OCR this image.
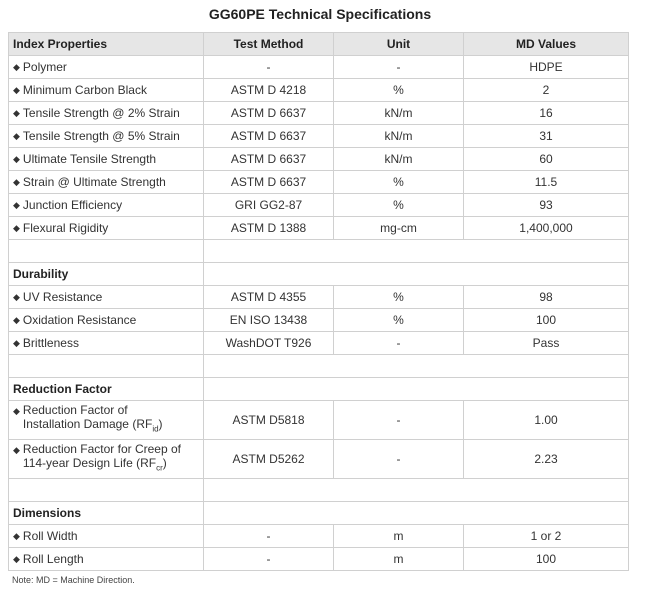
GG60PE Technical Specifications
Index Properties	Test Method	Unit	MD Values
◆ Polymer	-	-	HDPE
◆ Minimum Carbon Black	ASTM D 4218	%	2
◆ Tensile Strength @ 2% Strain	ASTM D 6637	kN/m	16
◆ Tensile Strength @ 5% Strain	ASTM D 6637	kN/m	31
◆ Ultimate Tensile Strength	ASTM D 6637	kN/m	60
◆ Strain @ Ultimate Strength	ASTM D 6637	%	11.5
◆ Junction Efficiency	GRI GG2-87	%	93
◆ Flexural Rigidity	ASTM D 1388	mg-cm	1,400,000

Durability			
◆ UV Resistance	ASTM D 4355	%	98
◆ Oxidation Resistance	EN ISO 13438	%	100
◆ Brittleness	WashDOT T926	-	Pass

Reduction Factor			

◆ Reduction Factor of
Installation Damage $(RF_{id})$	ASTM D5818	-	1.00

◆ Reduction Factor for Creep of
114-year Design Life $(RF_{cr})$	ASTM D5262	-	2.23

Dimensions			
◆ Roll Width	-	m	1 or 2
◆ Roll Length	-	m	100
Note: MD = Machine Direction.
